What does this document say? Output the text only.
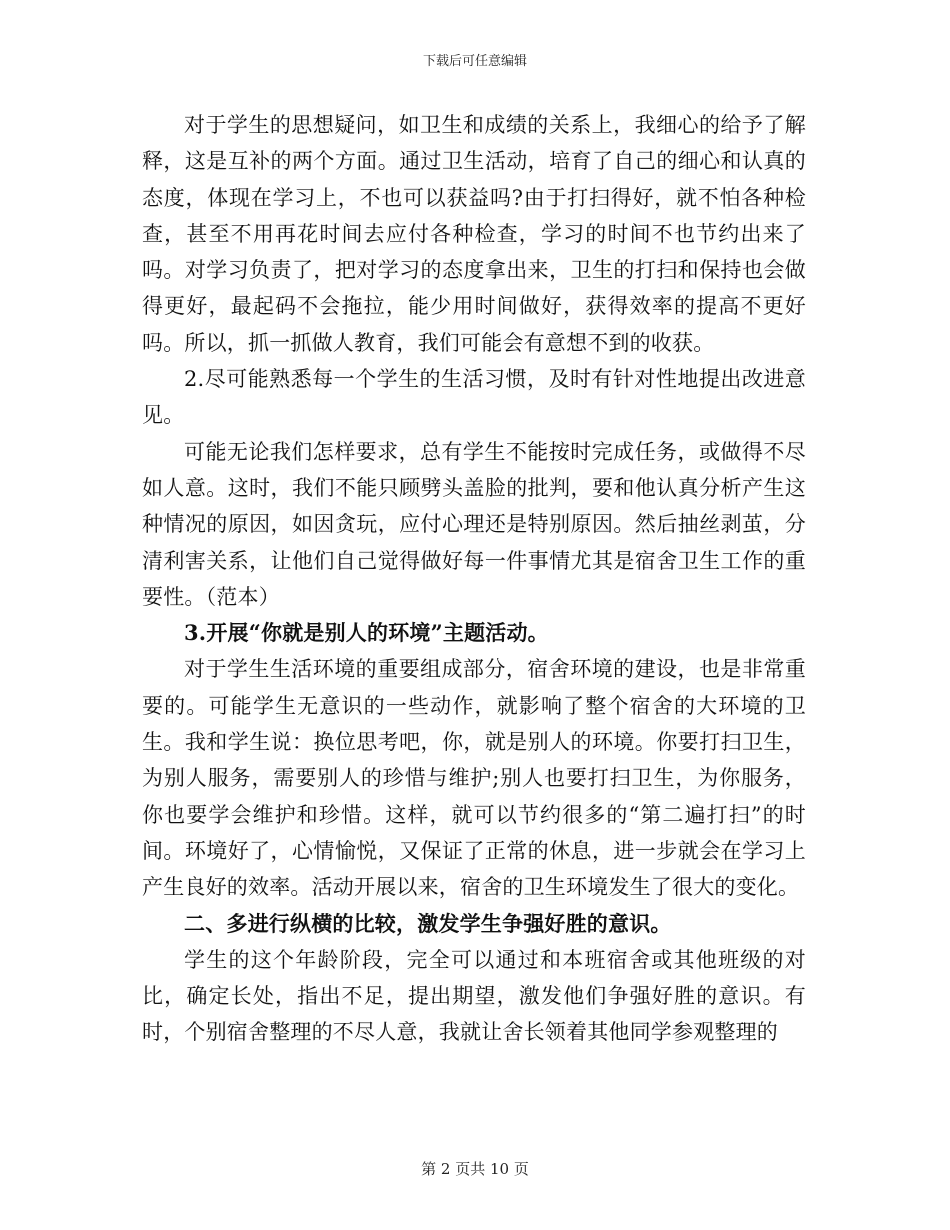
下载后可任意编辑

对于学生的思想疑问，如卫生和成绩的关系上，我细心的给予了解释，这是互补的两个方面。通过卫生活动，培育了自己的细心和认真的态度，体现在学习上，不也可以获益吗?由于打扫得好，就不怕各种检查，甚至不用再花时间去应付各种检查，学习的时间不也节约出来了吗。对学习负责了，把对学习的态度拿出来，卫生的打扫和保持也会做得更好，最起码不会拖拉，能少用时间做好，获得效率的提高不更好吗。所以，抓一抓做人教育，我们可能会有意想不到的收获。

2.尽可能熟悉每一个学生的生活习惯，及时有针对性地提出改进意见。

可能无论我们怎样要求，总有学生不能按时完成任务，或做得不尽如人意。这时，我们不能只顾劈头盖脸的批判，要和他认真分析产生这种情况的原因，如因贪玩，应付心理还是特别原因。然后抽丝剥茧，分清利害关系，让他们自己觉得做好每一件事情尤其是宿舍卫生工作的重要性。（范本）

3.开展“你就是别人的环境”主题活动。

对于学生生活环境的重要组成部分，宿舍环境的建设，也是非常重要的。可能学生无意识的一些动作，就影响了整个宿舍的大环境的卫生。我和学生说：换位思考吧，你，就是别人的环境。你要打扫卫生，为别人服务，需要别人的珍惜与维护;别人也要打扫卫生，为你服务，你也要学会维护和珍惜。这样，就可以节约很多的“第二遍打扫”的时间。环境好了，心情愉悦，又保证了正常的休息，进一步就会在学习上产生良好的效率。活动开展以来，宿舍的卫生环境发生了很大的变化。

二、多进行纵横的比较，激发学生争强好胜的意识。

学生的这个年龄阶段，完全可以通过和本班宿舍或其他班级的对比，确定长处，指出不足，提出期望，激发他们争强好胜的意识。有时，个别宿舍整理的不尽人意，我就让舍长领着其他同学参观整理的

第 2 页共 10 页
